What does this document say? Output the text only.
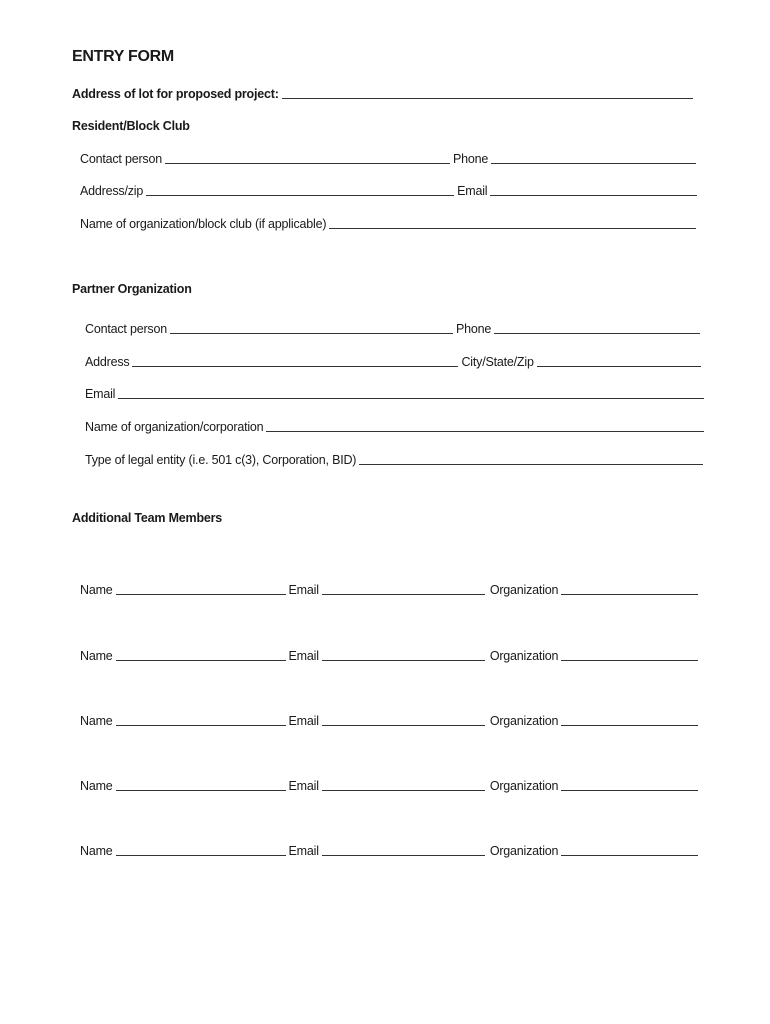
ENTRY FORM
Address of lot for proposed project:
Resident/Block Club
Contact person	Phone
Address/zip	Email
Name of organization/block club (if applicable)
Partner Organization
Contact person	Phone
Address	City/State/Zip
Email
Name of organization/corporation
Type of legal entity (i.e. 501 c(3), Corporation, BID)
Additional Team Members
Name	Email	Organization
Name	Email	Organization
Name	Email	Organization
Name	Email	Organization
Name	Email	Organization
